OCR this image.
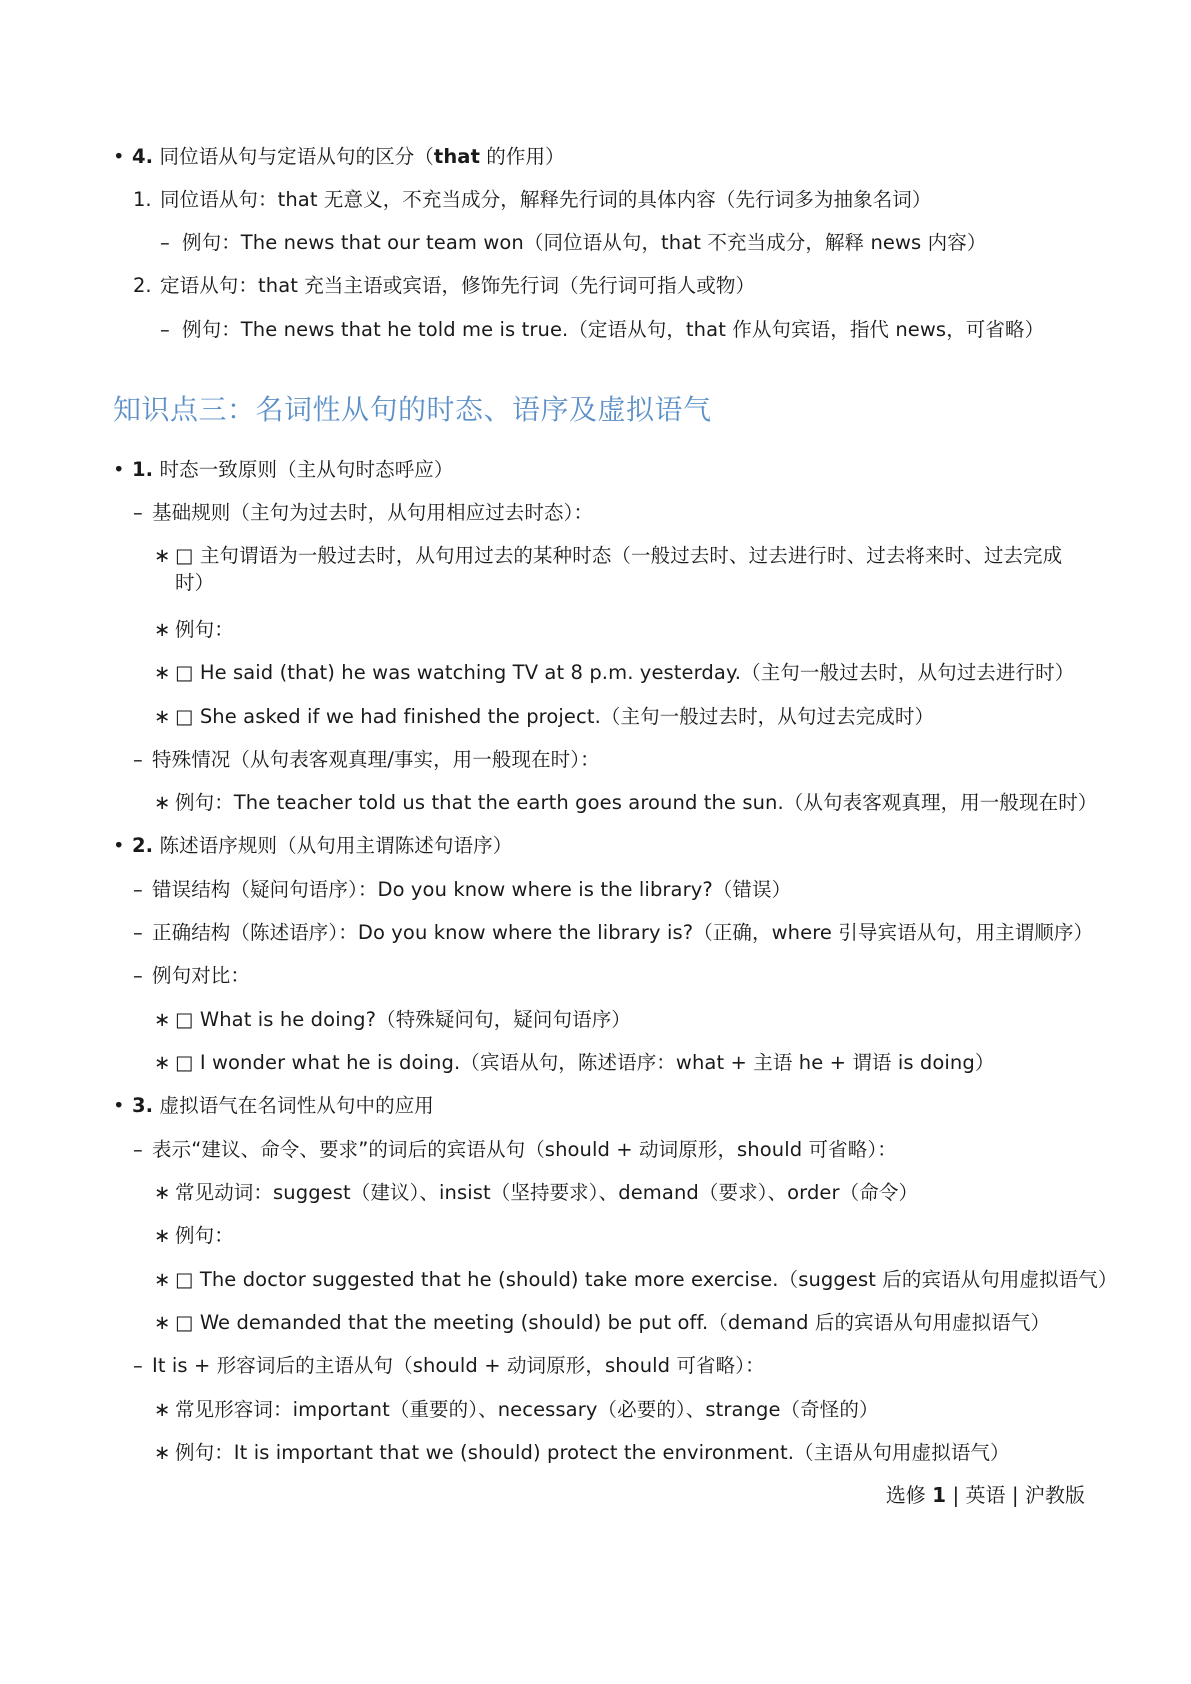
• 4. 同位语从句与定语从句的区分（that 的作用）
1. 同位语从句：that 无意义，不充当成分，解释先行词的具体内容（先行词多为抽象名词）
– 例句：The news that our team won（同位语从句，that 不充当成分，解释 news 内容）
2. 定语从句：that 充当主语或宾语，修饰先行词（先行词可指人或物）
– 例句：The news that he told me is true.（定语从句，that 作从句宾语，指代 news，可省略）
知识点三：名词性从句的时态、语序及虚拟语气
• 1. 时态一致原则（主从句时态呼应）
– 基础规则（主句为过去时，从句用相应过去时态）：
∗ □ 主句谓语为一般过去时，从句用过去的某种时态（一般过去时、过去进行时、过去将来时、过去完成时）
∗ 例句：
∗ □ He said (that) he was watching TV at 8 p.m. yesterday.（主句一般过去时，从句过去进行时）
∗ □ She asked if we had finished the project.（主句一般过去时，从句过去完成时）
– 特殊情况（从句表客观真理/事实，用一般现在时）：
∗ 例句：The teacher told us that the earth goes around the sun.（从句表客观真理，用一般现在时）
• 2. 陈述语序规则（从句用主谓陈述句语序）
– 错误结构（疑问句语序）：Do you know where is the library?（错误）
– 正确结构（陈述语序）：Do you know where the library is?（正确，where 引导宾语从句，用主谓顺序）
– 例句对比：
∗ □ What is he doing?（特殊疑问句，疑问句语序）
∗ □ I wonder what he is doing.（宾语从句，陈述语序：what + 主语 he + 谓语 is doing）
• 3. 虚拟语气在名词性从句中的应用
– 表示“建议、命令、要求”的词后的宾语从句（should + 动词原形，should 可省略）：
∗ 常见动词：suggest（建议）、insist（坚持要求）、demand（要求）、order（命令）
∗ 例句：
∗ □ The doctor suggested that he (should) take more exercise.（suggest 后的宾语从句用虚拟语气）
∗ □ We demanded that the meeting (should) be put off.（demand 后的宾语从句用虚拟语气）
– It is + 形容词后的主语从句（should + 动词原形，should 可省略）：
∗ 常见形容词：important（重要的）、necessary（必要的）、strange（奇怪的）
∗ 例句：It is important that we (should) protect the environment.（主语从句用虚拟语气）
选修 1 | 英语 | 沪教版
